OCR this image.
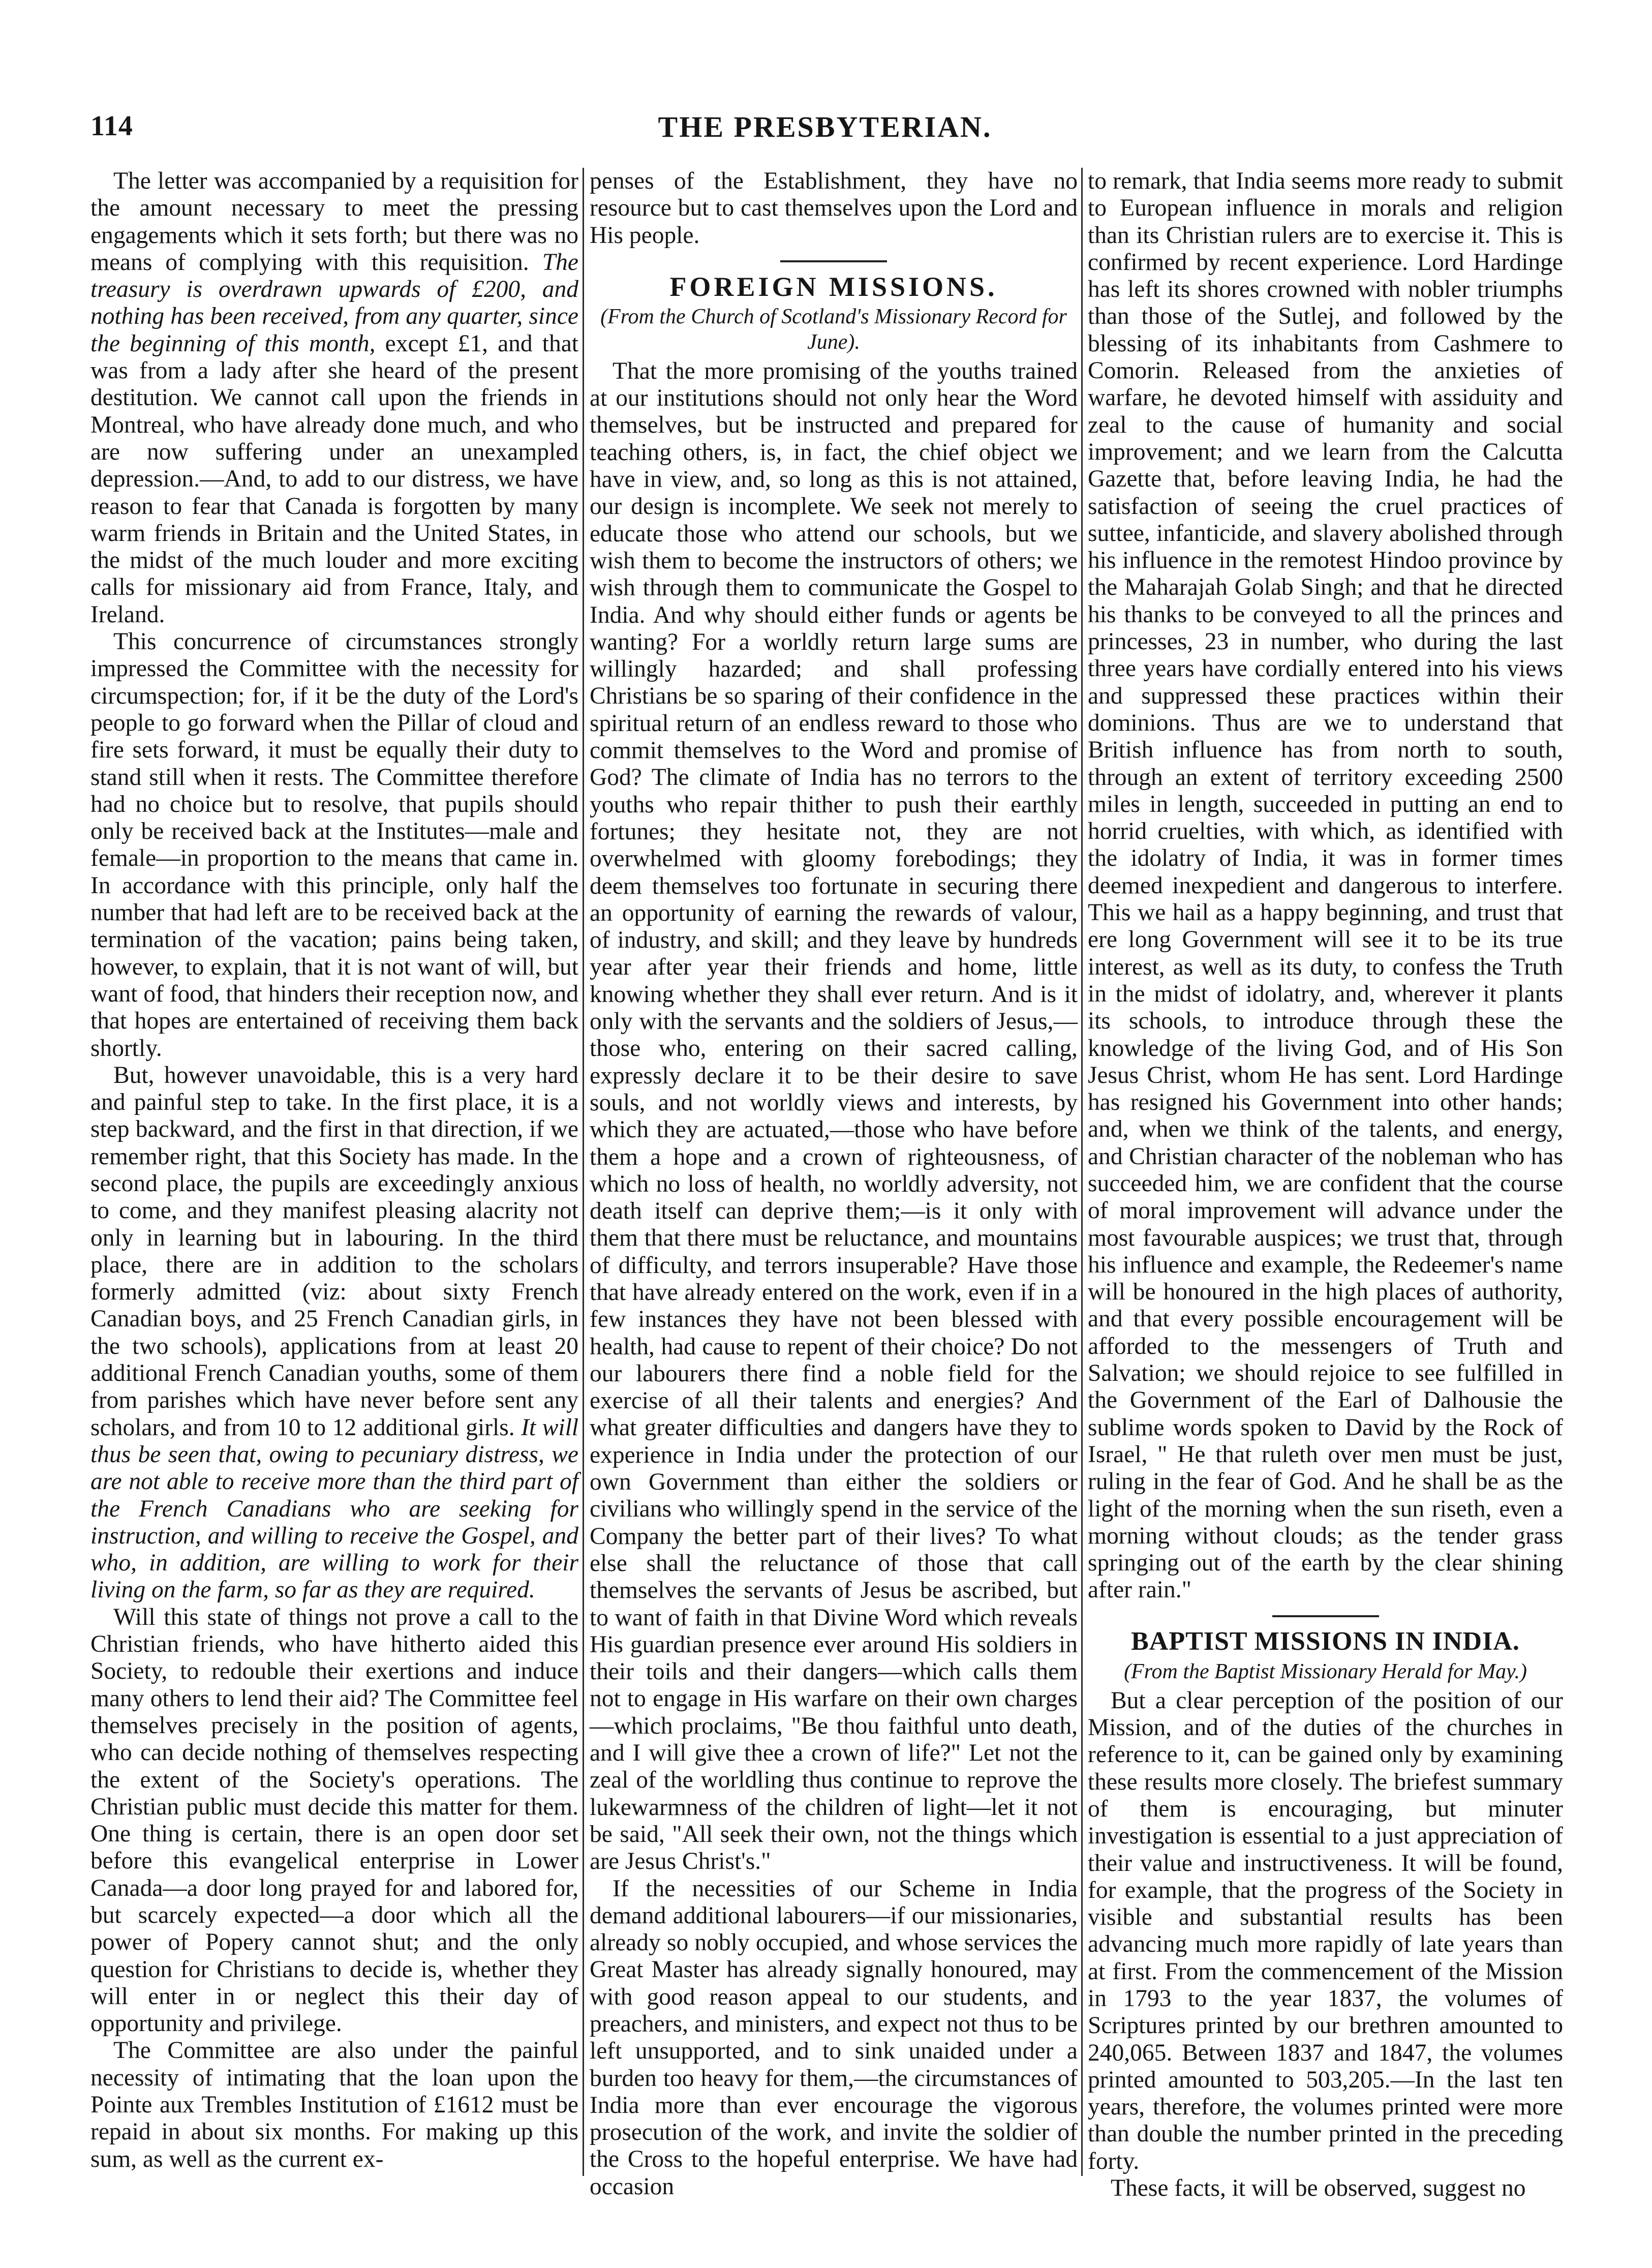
114	THE PRESBYTERIAN.

The letter was accompanied by a requisition for the amount necessary to meet the pressing engagements which it sets forth; but there was no means of complying with this requisition. The treasury is overdrawn upwards of £200, and nothing has been received, from any quarter, since the beginning of this month, except £1, and that was from a lady after she heard of the present destitution. We cannot call upon the friends in Montreal, who have already done much, and who are now suffering under an unexampled depression.—And, to add to our distress, we have reason to fear that Canada is forgotten by many warm friends in Britain and the United States, in the midst of the much louder and more exciting calls for missionary aid from France, Italy, and Ireland.

This concurrence of circumstances strongly impressed the Committee with the necessity for circumspection; for, if it be the duty of the Lord's people to go forward when the Pillar of cloud and fire sets forward, it must be equally their duty to stand still when it rests. The Committee therefore had no choice but to resolve, that pupils should only be received back at the Institutes—male and female—in proportion to the means that came in. In accordance with this principle, only half the number that had left are to be received back at the termination of the vacation; pains being taken, however, to explain, that it is not want of will, but want of food, that hinders their reception now, and that hopes are entertained of receiving them back shortly.

But, however unavoidable, this is a very hard and painful step to take. In the first place, it is a step backward, and the first in that direction, if we remember right, that this Society has made. In the second place, the pupils are exceedingly anxious to come, and they manifest pleasing alacrity not only in learning but in labouring. In the third place, there are in addition to the scholars formerly admitted (viz: about sixty French Canadian boys, and 25 French Canadian girls, in the two schools), applications from at least 20 additional French Canadian youths, some of them from parishes which have never before sent any scholars, and from 10 to 12 additional girls. It will thus be seen that, owing to pecuniary distress, we are not able to receive more than the third part of the French Canadians who are seeking for instruction, and willing to receive the Gospel, and who, in addition, are willing to work for their living on the farm, so far as they are required.

Will this state of things not prove a call to the Christian friends, who have hitherto aided this Society, to redouble their exertions and induce many others to lend their aid? The Committee feel themselves precisely in the position of agents, who can decide nothing of themselves respecting the extent of the Society's operations. The Christian public must decide this matter for them. One thing is certain, there is an open door set before this evangelical enterprise in Lower Canada—a door long prayed for and labored for, but scarcely expected—a door which all the power of Popery cannot shut; and the only question for Christians to decide is, whether they will enter in or neglect this their day of opportunity and privilege.

The Committee are also under the painful necessity of intimating that the loan upon the Pointe aux Trembles Institution of £1612 must be repaid in about six months. For making up this sum, as well as the current ex-

penses of the Establishment, they have no resource but to cast themselves upon the Lord and His people.

FOREIGN MISSIONS.
(From the Church of Scotland's Missionary Record for June).

That the more promising of the youths trained at our institutions should not only hear the Word themselves, but be instructed and prepared for teaching others, is, in fact, the chief object we have in view, and, so long as this is not attained, our design is incomplete. We seek not merely to educate those who attend our schools, but we wish them to become the instructors of others; we wish through them to communicate the Gospel to India. And why should either funds or agents be wanting? For a worldly return large sums are willingly hazarded; and shall professing Christians be so sparing of their confidence in the spiritual return of an endless reward to those who commit themselves to the Word and promise of God? The climate of India has no terrors to the youths who repair thither to push their earthly fortunes; they hesitate not, they are not overwhelmed with gloomy forebodings; they deem themselves too fortunate in securing there an opportunity of earning the rewards of valour, of industry, and skill; and they leave by hundreds year after year their friends and home, little knowing whether they shall ever return. And is it only with the servants and the soldiers of Jesus,—those who, entering on their sacred calling, expressly declare it to be their desire to save souls, and not worldly views and interests, by which they are actuated,—those who have before them a hope and a crown of righteousness, of which no loss of health, no worldly adversity, not death itself can deprive them;—is it only with them that there must be reluctance, and mountains of difficulty, and terrors insuperable? Have those that have already entered on the work, even if in a few instances they have not been blessed with health, had cause to repent of their choice? Do not our labourers there find a noble field for the exercise of all their talents and energies? And what greater difficulties and dangers have they to experience in India under the protection of our own Government than either the soldiers or civilians who willingly spend in the service of the Company the better part of their lives? To what else shall the reluctance of those that call themselves the servants of Jesus be ascribed, but to want of faith in that Divine Word which reveals His guardian presence ever around His soldiers in their toils and their dangers—which calls them not to engage in His warfare on their own charges—which proclaims, "Be thou faithful unto death, and I will give thee a crown of life?" Let not the zeal of the worldling thus continue to reprove the lukewarmness of the children of light—let it not be said, "All seek their own, not the things which are Jesus Christ's."

If the necessities of our Scheme in India demand additional labourers—if our missionaries, already so nobly occupied, and whose services the Great Master has already signally honoured, may with good reason appeal to our students, and preachers, and ministers, and expect not thus to be left unsupported, and to sink unaided under a burden too heavy for them,—the circumstances of India more than ever encourage the vigorous prosecution of the work, and invite the soldier of the Cross to the hopeful enterprise. We have had occasion

to remark, that India seems more ready to submit to European influence in morals and religion than its Christian rulers are to exercise it. This is confirmed by recent experience. Lord Hardinge has left its shores crowned with nobler triumphs than those of the Sutlej, and followed by the blessing of its inhabitants from Cashmere to Comorin. Released from the anxieties of warfare, he devoted himself with assiduity and zeal to the cause of humanity and social improvement; and we learn from the Calcutta Gazette that, before leaving India, he had the satisfaction of seeing the cruel practices of suttee, infanticide, and slavery abolished through his influence in the remotest Hindoo province by the Maharajah Golab Singh; and that he directed his thanks to be conveyed to all the princes and princesses, 23 in number, who during the last three years have cordially entered into his views and suppressed these practices within their dominions. Thus are we to understand that British influence has from north to south, through an extent of territory exceeding 2500 miles in length, succeeded in putting an end to horrid cruelties, with which, as identified with the idolatry of India, it was in former times deemed inexpedient and dangerous to interfere. This we hail as a happy beginning, and trust that ere long Government will see it to be its true interest, as well as its duty, to confess the Truth in the midst of idolatry, and, wherever it plants its schools, to introduce through these the knowledge of the living God, and of His Son Jesus Christ, whom He has sent. Lord Hardinge has resigned his Government into other hands; and, when we think of the talents, and energy, and Christian character of the nobleman who has succeeded him, we are confident that the course of moral improvement will advance under the most favourable auspices; we trust that, through his influence and example, the Redeemer's name will be honoured in the high places of authority, and that every possible encouragement will be afforded to the messengers of Truth and Salvation; we should rejoice to see fulfilled in the Government of the Earl of Dalhousie the sublime words spoken to David by the Rock of Israel, " He that ruleth over men must be just, ruling in the fear of God. And he shall be as the light of the morning when the sun riseth, even a morning without clouds; as the tender grass springing out of the earth by the clear shining after rain."

BAPTIST MISSIONS IN INDIA.
(From the Baptist Missionary Herald for May.)

But a clear perception of the position of our Mission, and of the duties of the churches in reference to it, can be gained only by examining these results more closely. The briefest summary of them is encouraging, but minuter investigation is essential to a just appreciation of their value and instructiveness. It will be found, for example, that the progress of the Society in visible and substantial results has been advancing much more rapidly of late years than at first. From the commencement of the Mission in 1793 to the year 1837, the volumes of Scriptures printed by our brethren amounted to 240,065. Between 1837 and 1847, the volumes printed amounted to 503,205.—In the last ten years, therefore, the volumes printed were more than double the number printed in the preceding forty.

These facts, it will be observed, suggest no
